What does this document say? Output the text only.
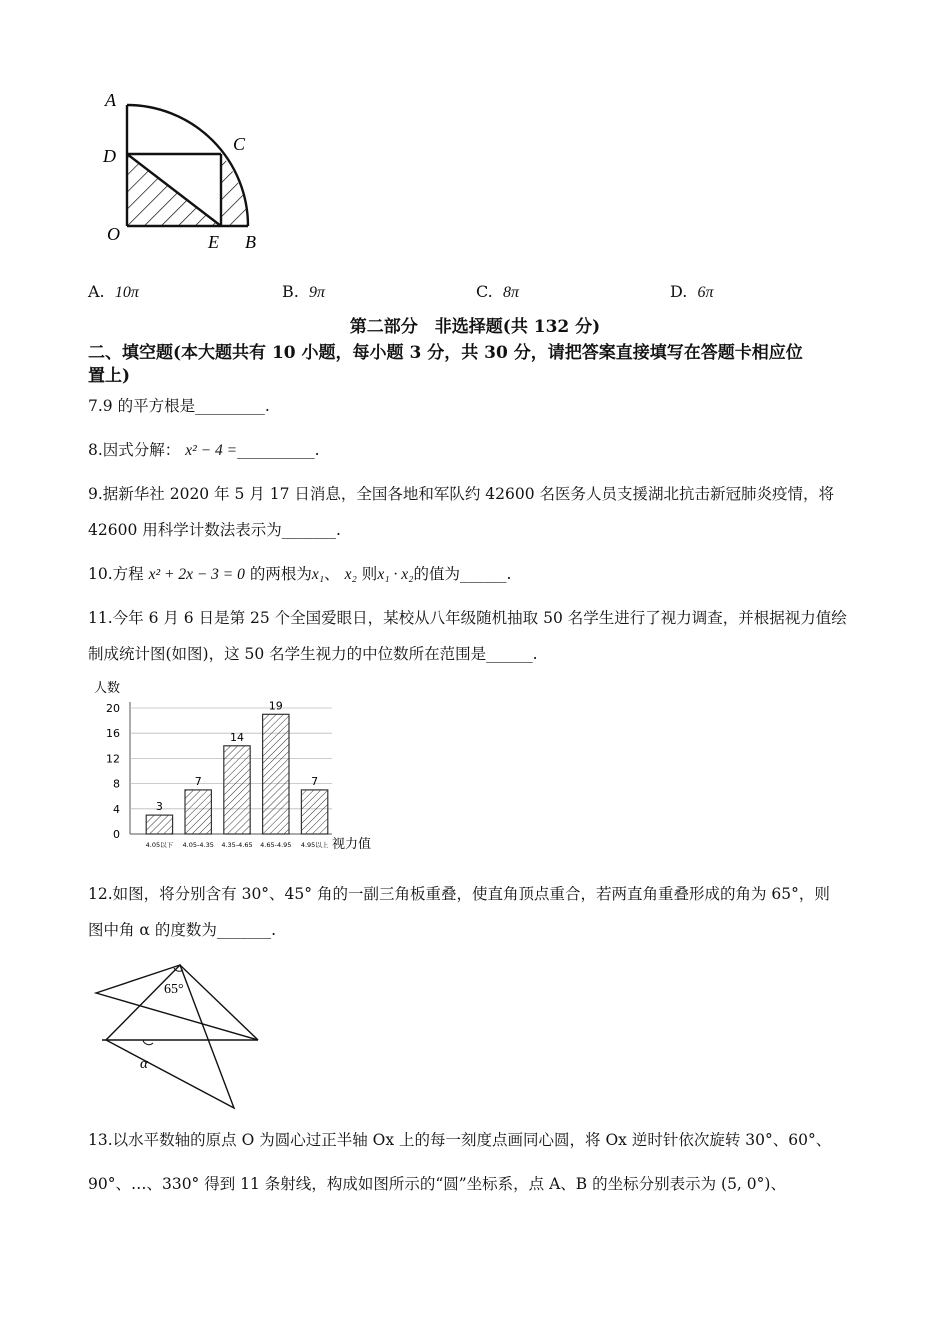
A
D
C
O	E B
A. 10π	B. 9π	C. 8π	D. 6π
第二部分　非选择题(共 132 分)
二、填空题(本大题共有 10 小题，每小题 3 分，共 30 分，请把答案直接填写在答题卡相应位
置上)
7.9 的平方根是_________.
8.因式分解： x² − 4 =__________.
9.据新华社 2020 年 5 月 17 日消息，全国各地和军队约 42600 名医务人员支援湖北抗击新冠肺炎疫情，将
42600 用科学计数法表示为_______.
10.方程 x² + 2x − 3 = 0 的两根为x₁、 x₂ 则x₁ · x₂的值为______.
11.今年 6 月 6 日是第 25 个全国爱眼日，某校从八年级随机抽取 50 名学生进行了视力调查，并根据视力值绘
制成统计图(如图)，这 50 名学生视力的中位数所在范围是______.
人数
视力值
0
4
8
12
16
20
3
4.05以下
7
4.05-4.35
14
4.35-4.65
19
4.65-4.95
7
4.95以上
12.如图，将分别含有 30°、45° 角的一副三角板重叠，使直角顶点重合，若两直角重叠形成的角为 65°，则
图中角 α 的度数为_______.
65°
α
13.以水平数轴的原点 O 为圆心过正半轴 Ox 上的每一刻度点画同心圆，将 Ox 逆时针依次旋转 30°、60°、
90°、…、330° 得到 11 条射线，构成如图所示的“圆”坐标系，点 A、B 的坐标分别表示为 (5, 0°)、
